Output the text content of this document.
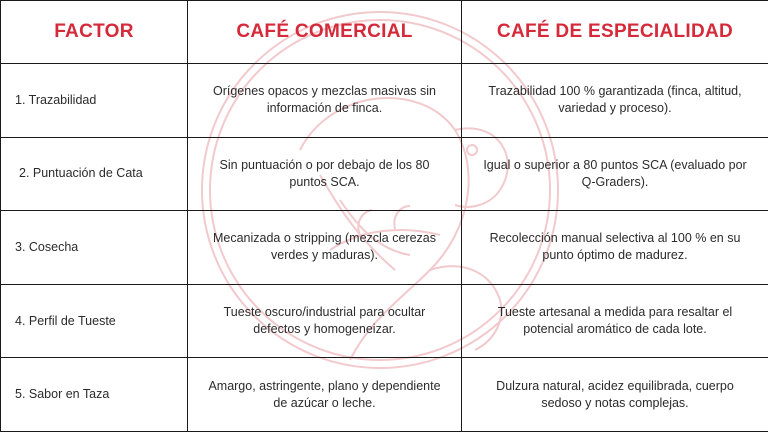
FACTOR	CAFÉ COMERCIAL	CAFÉ DE ESPECIALIDAD
1. Trazabilidad	Orígenes opacos y mezclas masivas sin información de finca.	Trazabilidad 100 % garantizada (finca, altitud, variedad y proceso).
2. Puntuación de Cata	Sin puntuación o por debajo de los 80 puntos SCA.	Igual o superior a 80 puntos SCA (evaluado por Q-Graders).
3. Cosecha	Mecanizada o stripping (mezcla cerezas verdes y maduras).	Recolección manual selectiva al 100 % en su punto óptimo de madurez.
4. Perfil de Tueste	Tueste oscuro/industrial para ocultar defectos y homogeneizar.	Tueste artesanal a medida para resaltar el potencial aromático de cada lote.
5. Sabor en Taza	Amargo, astringente, plano y dependiente de azúcar o leche.	Dulzura natural, acidez equilibrada, cuerpo sedoso y notas complejas.
